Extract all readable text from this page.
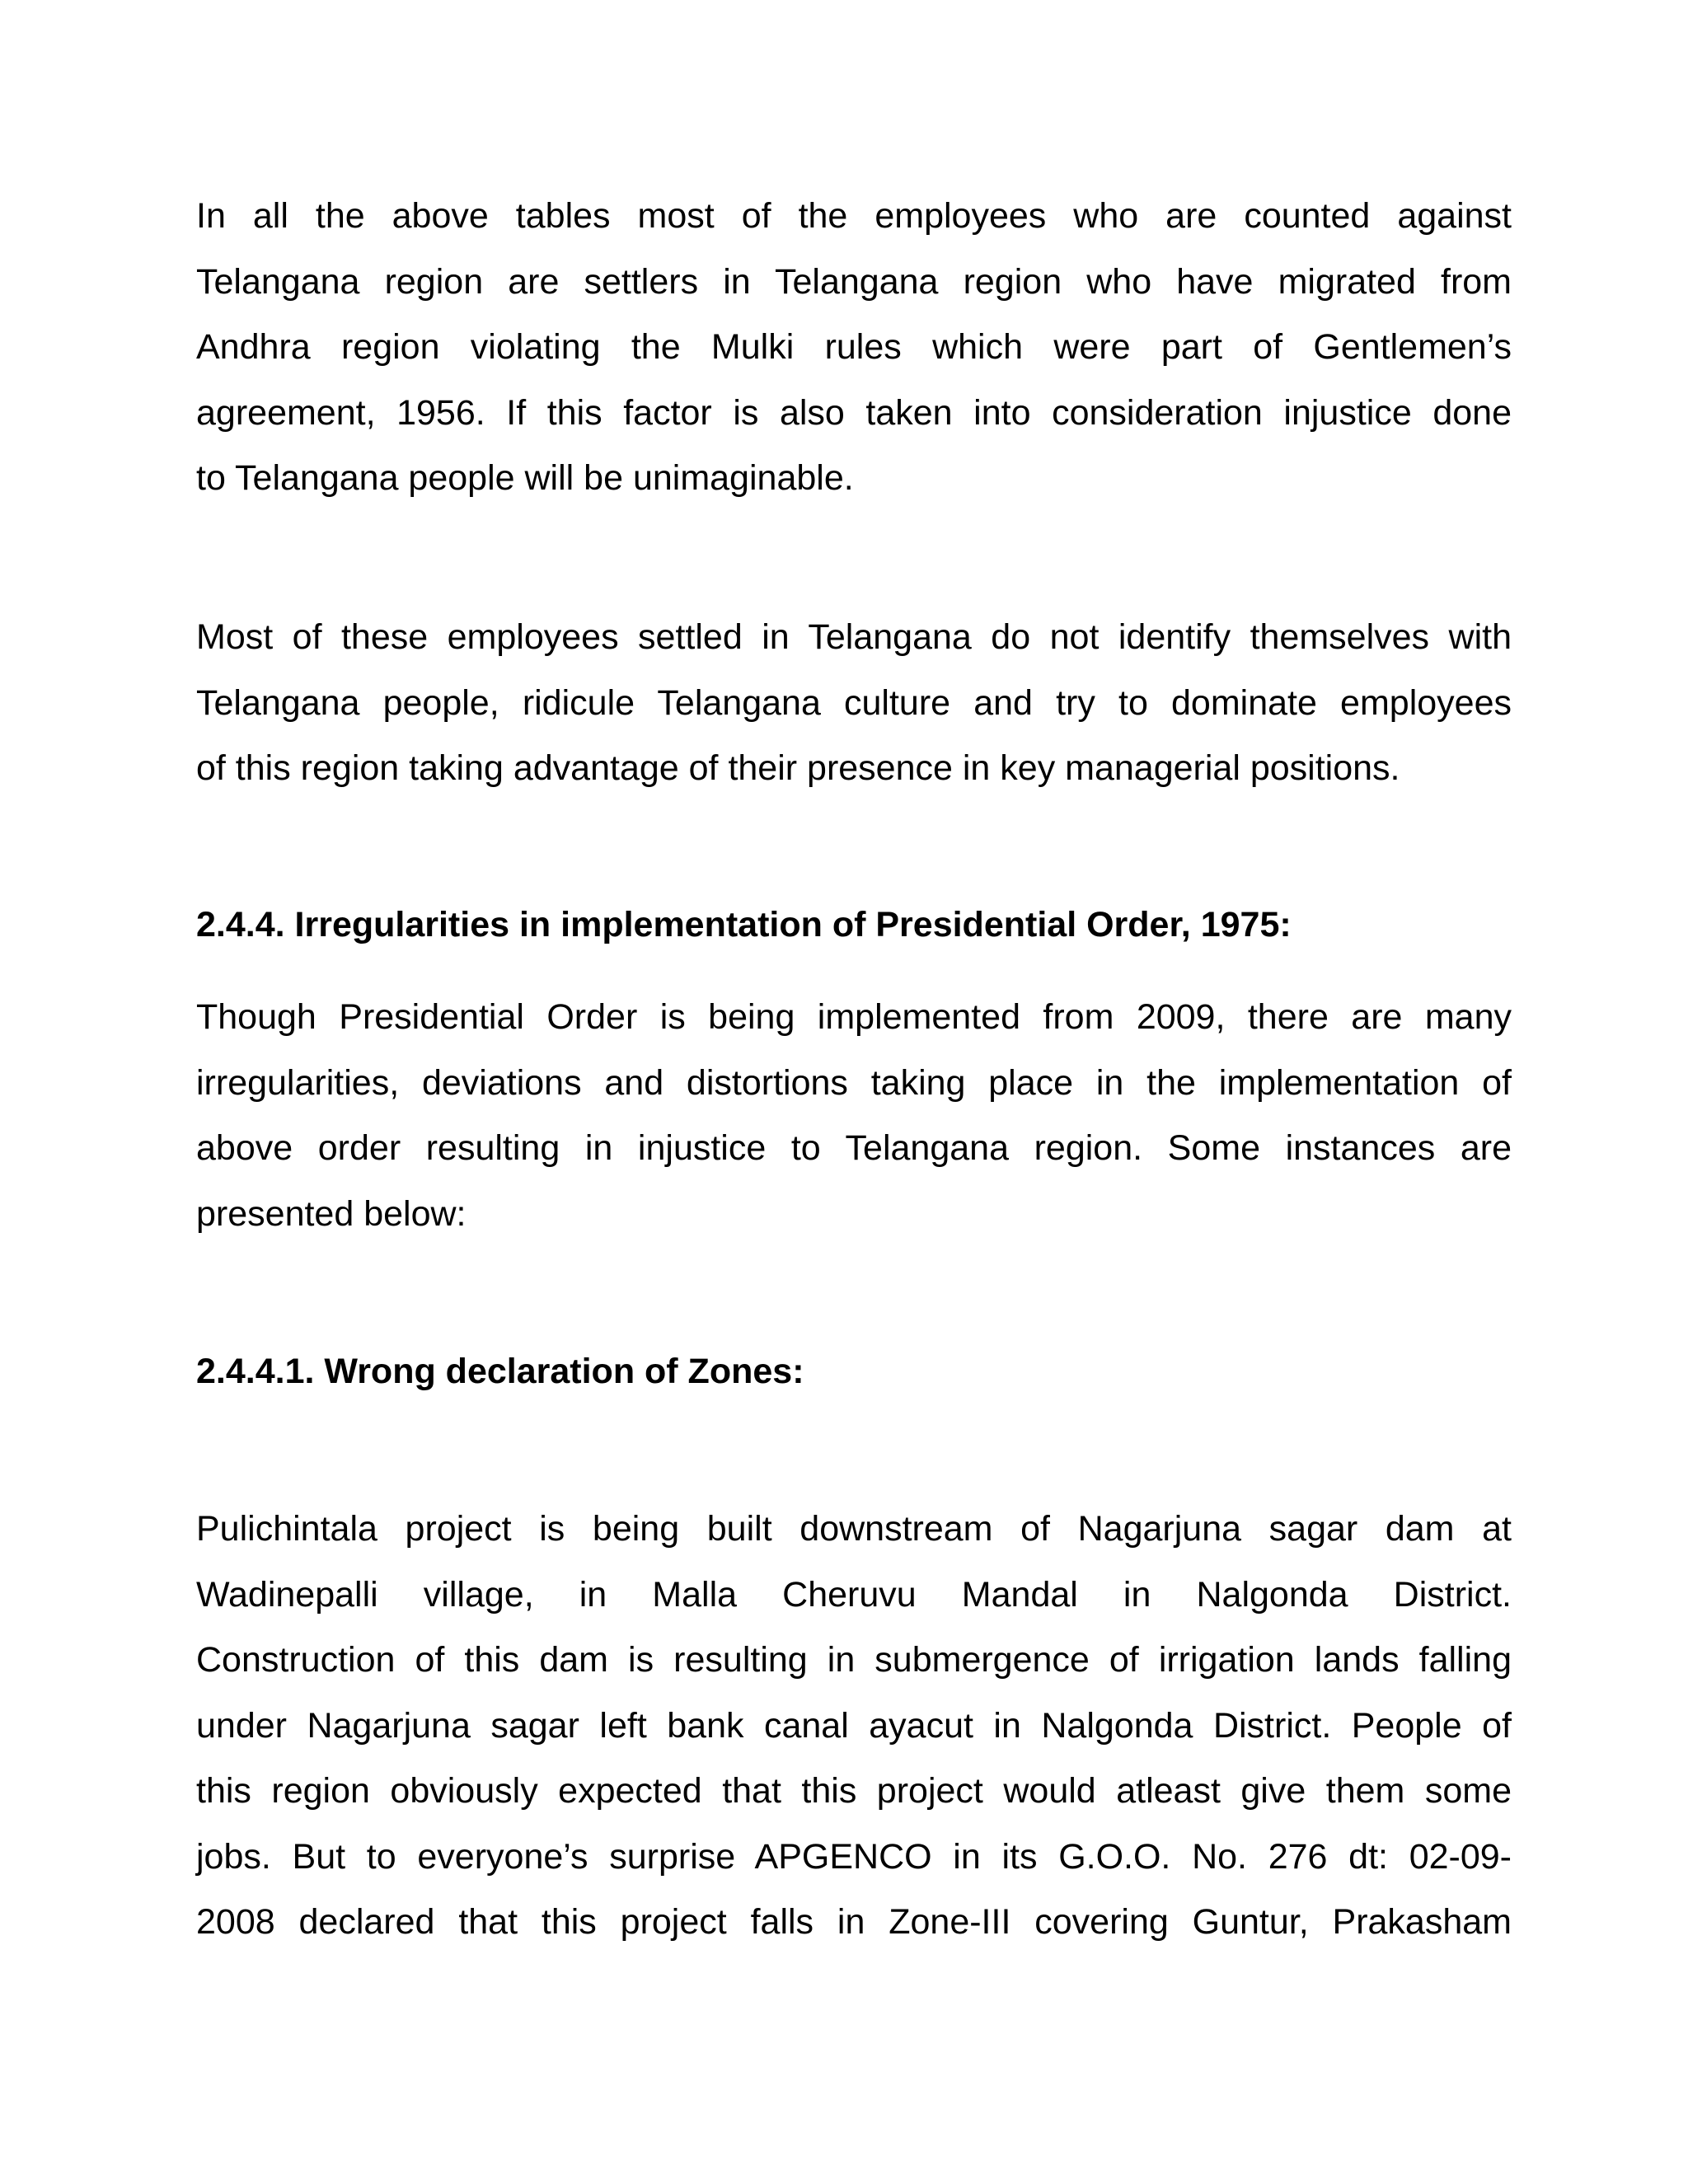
In all the above tables most of the employees who are counted against
Telangana region are settlers in Telangana region who have migrated from
Andhra region violating the Mulki rules which were part of Gentlemen’s
agreement, 1956. If this factor is also taken into consideration injustice done
to Telangana people will be unimaginable.
Most of these employees settled in Telangana do not identify themselves with
Telangana people, ridicule Telangana culture and try to dominate employees
of this region taking advantage of their presence in key managerial positions.
2.4.4. Irregularities in implementation of Presidential Order, 1975:
Though Presidential Order is being implemented from 2009, there are many
irregularities, deviations and distortions taking place in the implementation of
above order resulting in injustice to Telangana region. Some instances are
presented below:
2.4.4.1. Wrong declaration of Zones:
Pulichintala project is being built downstream of Nagarjuna sagar dam at
Wadinepalli village, in Malla Cheruvu Mandal in Nalgonda District.
Construction of this dam is resulting in submergence of irrigation lands falling
under Nagarjuna sagar left bank canal ayacut in Nalgonda District. People of
this region obviously expected that this project would atleast give them some
jobs. But to everyone’s surprise APGENCO in its G.O.O. No. 276 dt: 02-09-
2008 declared that this project falls in Zone-III covering Guntur, Prakasham
